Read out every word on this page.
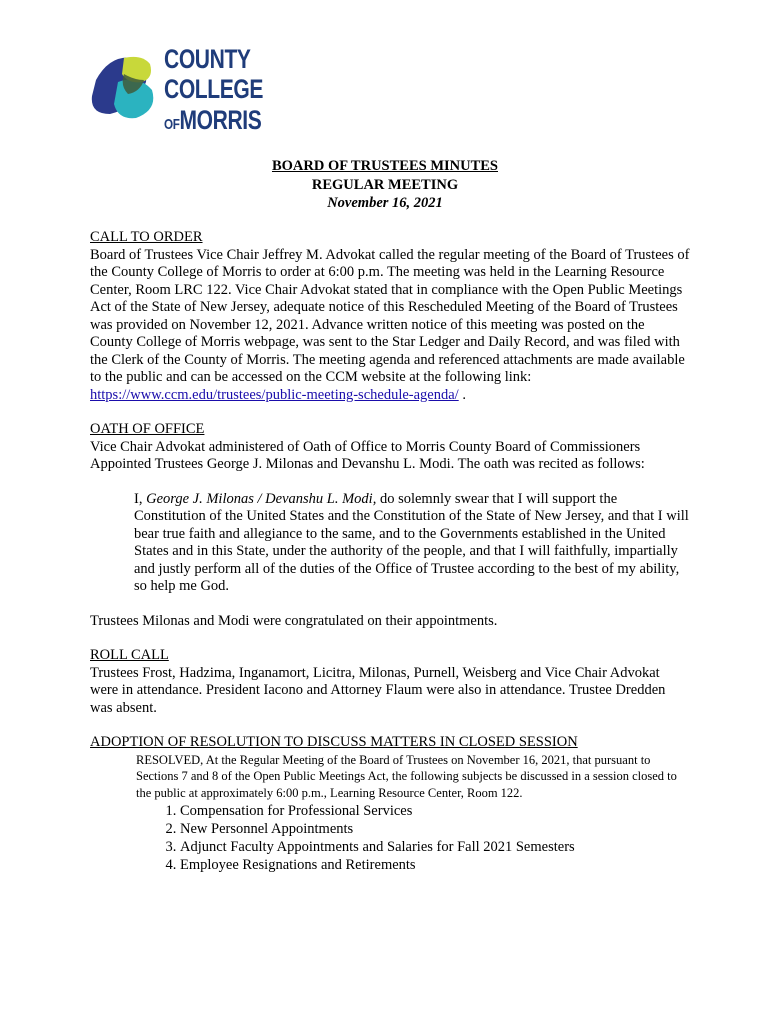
COUNTY
COLLEGE
OFMORRIS
BOARD OF TRUSTEES MINUTES
REGULAR MEETING
November 16, 2021
CALL TO ORDER

Board of Trustees Vice Chair Jeffrey M. Advokat called the regular meeting of the Board of Trustees of the County College of Morris to order at 6:00 p.m. The meeting was held in the Learning Resource Center, Room LRC 122. Vice Chair Advokat stated that in compliance with the Open Public Meetings Act of the State of New Jersey, adequate notice of this Rescheduled Meeting of the Board of Trustees was provided on November 12, 2021. Advance written notice of this meeting was posted on the County College of Morris webpage, was sent to the Star Ledger and Daily Record, and was filed with the Clerk of the County of Morris. The meeting agenda and referenced attachments are made available to the public and can be accessed on the CCM website at the following link: https://www.ccm.edu/trustees/public-meeting-schedule-agenda/ .

OATH OF OFFICE

Vice Chair Advokat administered of Oath of Office to Morris County Board of Commissioners Appointed Trustees George J. Milonas and Devanshu L. Modi. The oath was recited as follows:

I, George J. Milonas / Devanshu L. Modi, do solemnly swear that I will support the Constitution of the United States and the Constitution of the State of New Jersey, and that I will bear true faith and allegiance to the same, and to the Governments established in the United States and in this State, under the authority of the people, and that I will faithfully, impartially and justly perform all of the duties of the Office of Trustee according to the best of my ability, so help me God.

Trustees Milonas and Modi were congratulated on their appointments.

ROLL CALL

Trustees Frost, Hadzima, Inganamort, Licitra, Milonas, Purnell, Weisberg and Vice Chair Advokat were in attendance. President Iacono and Attorney Flaum were also in attendance. Trustee Dredden was absent.

ADOPTION OF RESOLUTION TO DISCUSS MATTERS IN CLOSED SESSION

RESOLVED, At the Regular Meeting of the Board of Trustees on November 16, 2021, that pursuant to Sections 7 and 8 of the Open Public Meetings Act, the following subjects be discussed in a session closed to the public at approximately 6:00 p.m., Learning Resource Center, Room 122.

1. Compensation for Professional Services
2. New Personnel Appointments
3. Adjunct Faculty Appointments and Salaries for Fall 2021 Semesters
4. Employee Resignations and Retirements
